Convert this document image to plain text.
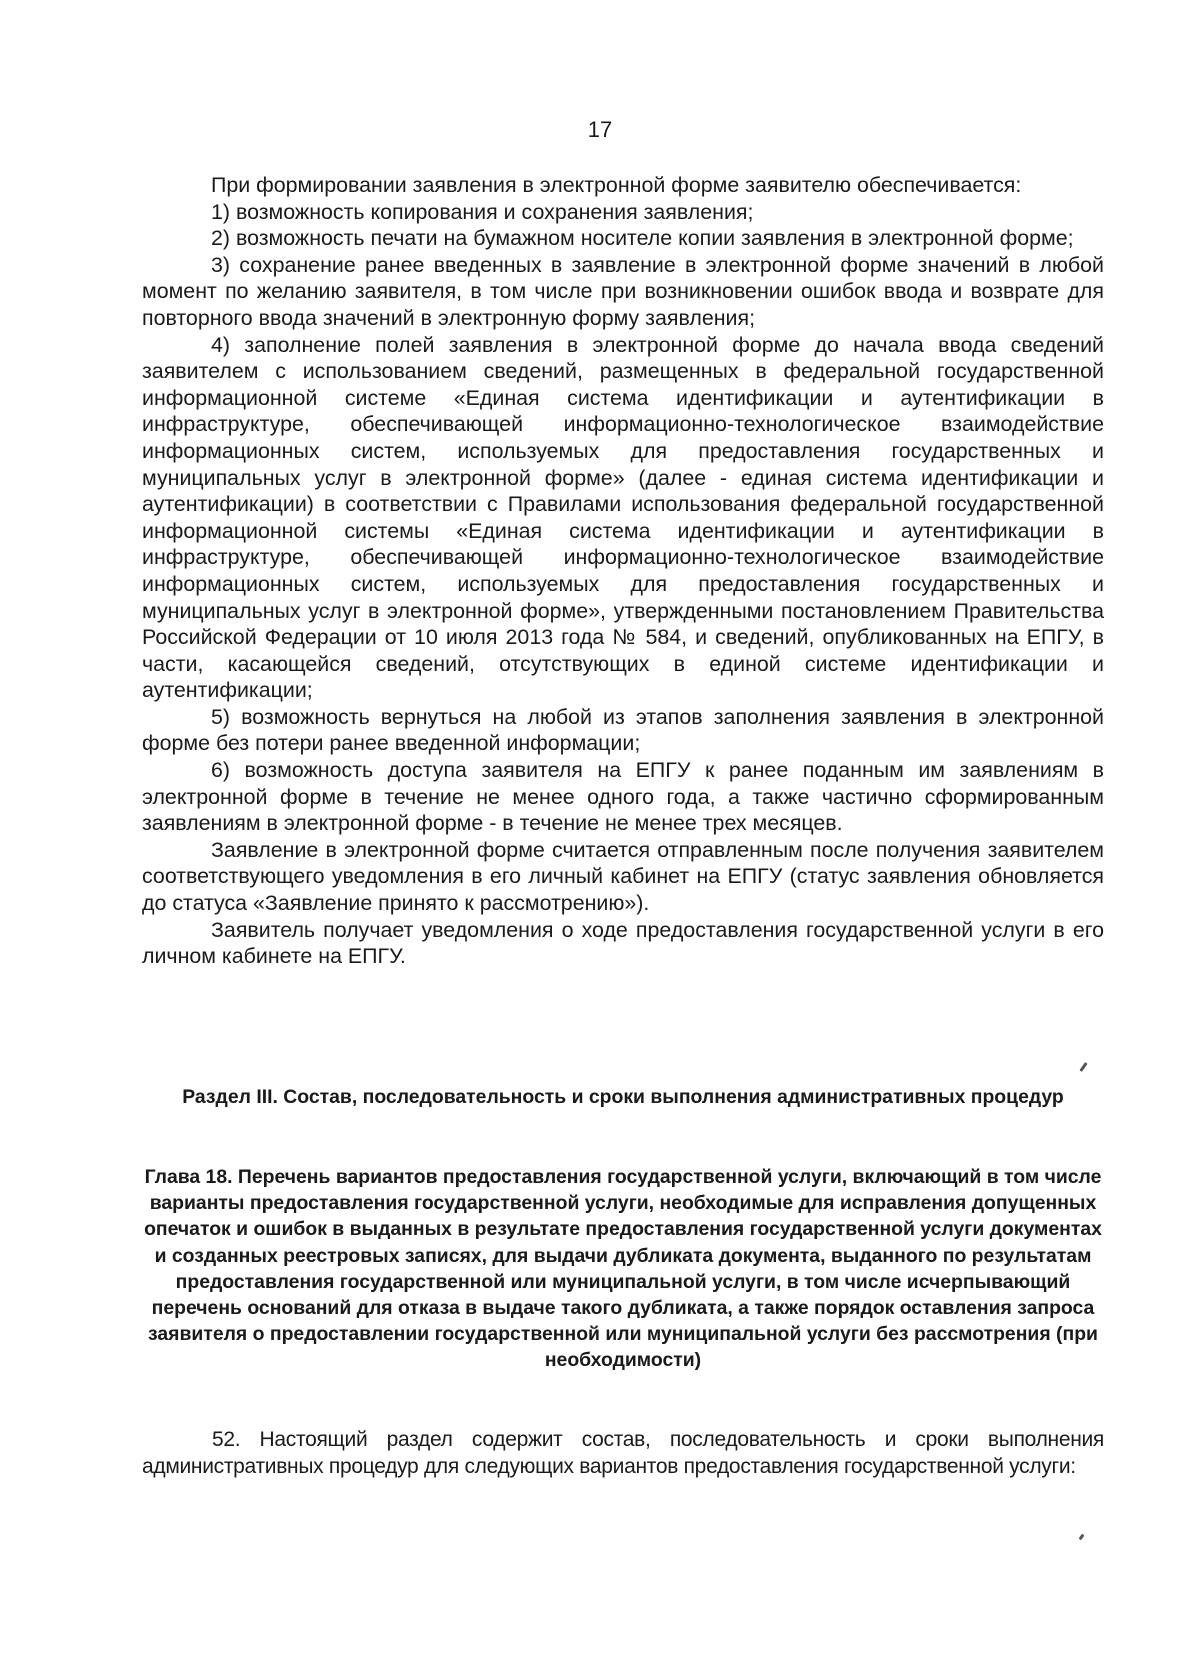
17

При формировании заявления в электронной форме заявителю обеспечивается:

1) возможность копирования и сохранения заявления;

2) возможность печати на бумажном носителе копии заявления в электронной форме;

3) сохранение ранее введенных в заявление в электронной форме значений в любой момент по желанию заявителя, в том числе при возникновении ошибок ввода и возврате для повторного ввода значений в электронную форму заявления;

4) заполнение полей заявления в электронной форме до начала ввода сведений заявителем с использованием сведений, размещенных в федеральной государственной информационной системе «Единая система идентификации и аутентификации в инфраструктуре, обеспечивающей информационно-технологическое взаимодействие информационных систем, используемых для предоставления государственных и муниципальных услуг в электронной форме» (далее - единая система идентификации и аутентификации) в соответствии с Правилами использования федеральной государственной информационной системы «Единая система идентификации и аутентификации в инфраструктуре, обеспечивающей информационно-технологическое взаимодействие информационных систем, используемых для предоставления государственных и муниципальных услуг в электронной форме», утвержденными постановлением Правительства Российской Федерации от 10 июля 2013 года № 584, и сведений, опубликованных на ЕПГУ, в части, касающейся сведений, отсутствующих в единой системе идентификации и аутентификации;

5) возможность вернуться на любой из этапов заполнения заявления в электронной форме без потери ранее введенной информации;

6) возможность доступа заявителя на ЕПГУ к ранее поданным им заявлениям в электронной форме в течение не менее одного года, а также частично сформированным заявлениям в электронной форме - в течение не менее трех месяцев.

Заявление в электронной форме считается отправленным после получения заявителем соответствующего уведомления в его личный кабинет на ЕПГУ (статус заявления обновляется до статуса «Заявление принято к рассмотрению»).

Заявитель получает уведомления о ходе предоставления государственной услуги в его личном кабинете на ЕПГУ.

Раздел III. Состав, последовательность и сроки выполнения административных процедур
Глава 18. Перечень вариантов предоставления государственной услуги, включающий в том числе варианты предоставления государственной услуги, необходимые для исправления допущенных опечаток и ошибок в выданных в результате предоставления государственной услуги документах и созданных реестровых записях, для выдачи дубликата документа, выданного по результатам предоставления государственной или муниципальной услуги, в том числе исчерпывающий перечень оснований для отказа в выдаче такого дубликата, а также порядок оставления запроса заявителя о предоставлении государственной или муниципальной услуги без рассмотрения (при необходимости)

52. Настоящий раздел содержит состав, последовательность и сроки выполнения административных процедур для следующих вариантов предоставления государственной услуги:
